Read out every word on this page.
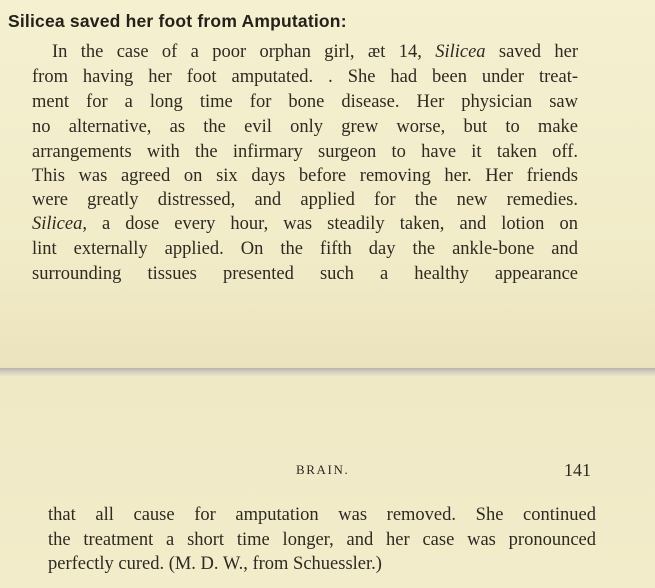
Silicea saved her foot from Amputation:
In the case of a poor orphan girl, æt 14, Silicea saved her
from having her foot amputated. . She had been under treat-
ment for a long time for bone disease. Her physician saw
no alternative, as the evil only grew worse, but to make
arrangements with the infirmary surgeon to have it taken off.
This was agreed on six days before removing her. Her friends
were greatly distressed, and applied for the new remedies.
Silicea, a dose every hour, was steadily taken, and lotion on
lint externally applied. On the fifth day the ankle-bone and
surrounding tissues presented such a healthy appearance
BRAIN.	141
that all cause for amputation was removed. She continued
the treatment a short time longer, and her case was pronounced
perfectly cured. (M. D. W., from Schuessler.)
